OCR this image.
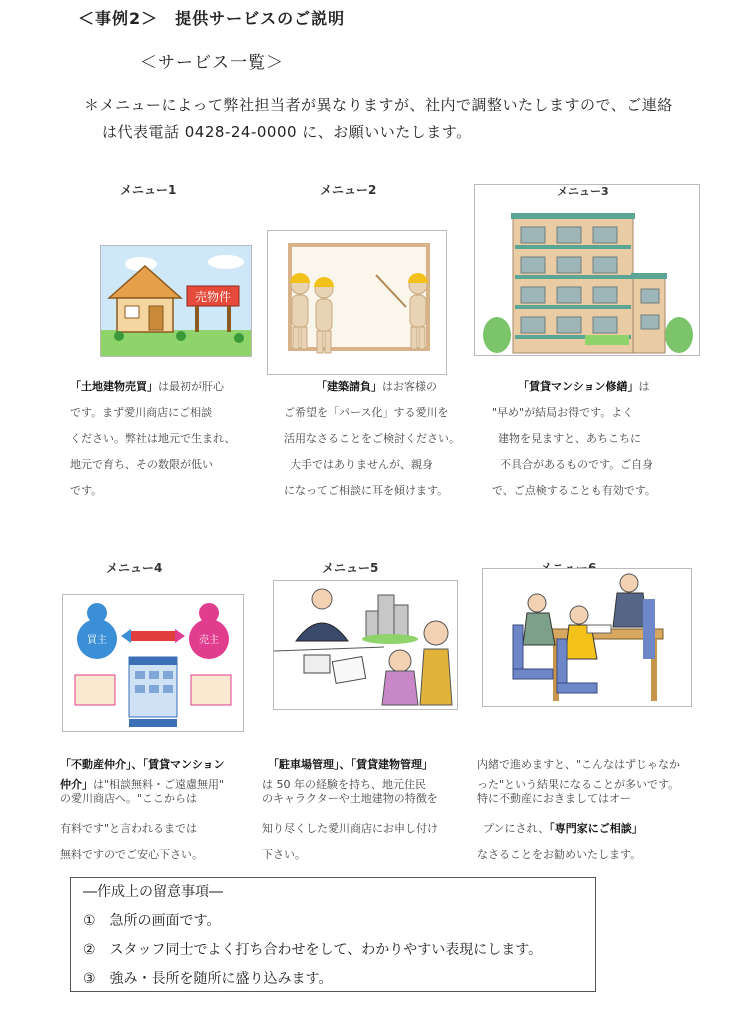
＜事例2＞　提供サービスのご説明
＜サービス一覧＞
＊メニューによって弊社担当者が異なりますが、社内で調整いたしますので、ご連絡
は代表電話 0428-24-0000 に、お願いいたします。
メニュー1
売物件
「土地建物売買」は最初が肝心
です。まず愛川商店にご相談
ください。弊社は地元で生まれ、
地元で育ち、その数限が低い
です。
メニュー2
「建築請負」はお客様の
ご希望を「パース化」する愛川を
活用なさることをご検討ください。
大手ではありませんが、親身
になってご相談に耳を傾けます。
メニュー3
「賃貸マンション修繕」は
"早め"が結局お得です。よく
建物を見ますと、あちこちに
不具合があるものです。ご自身
で、ご点検することも有効です。
メニュー4
買主	売主
「不動産仲介」、「賃貸マンション
仲介」は"相談無料・ご遠慮無用"
の愛川商店へ。"ここからは
有料です"と言われるまでは
無料ですのでご安心下さい。
メニュー5
「駐車場管理」、「賃貸建物管理」
は 50 年の経験を持ち、地元住民
のキャラクターや土地建物の特徴を
知り尽くした愛川商店にお申し付け
下さい。
内緒で進めますと、"こんなはずじゃなか
った"という結果になることが多いです。
特に不動産におきましてはオー
プンにされ、「専門家にご相談」
なさることをお勧めいたします。
―作成上の留意事項―
①　急所の画面です。
②　スタッフ同士でよく打ち合わせをして、わかりやすい表現にします。
③　強み・長所を随所に盛り込みます。
